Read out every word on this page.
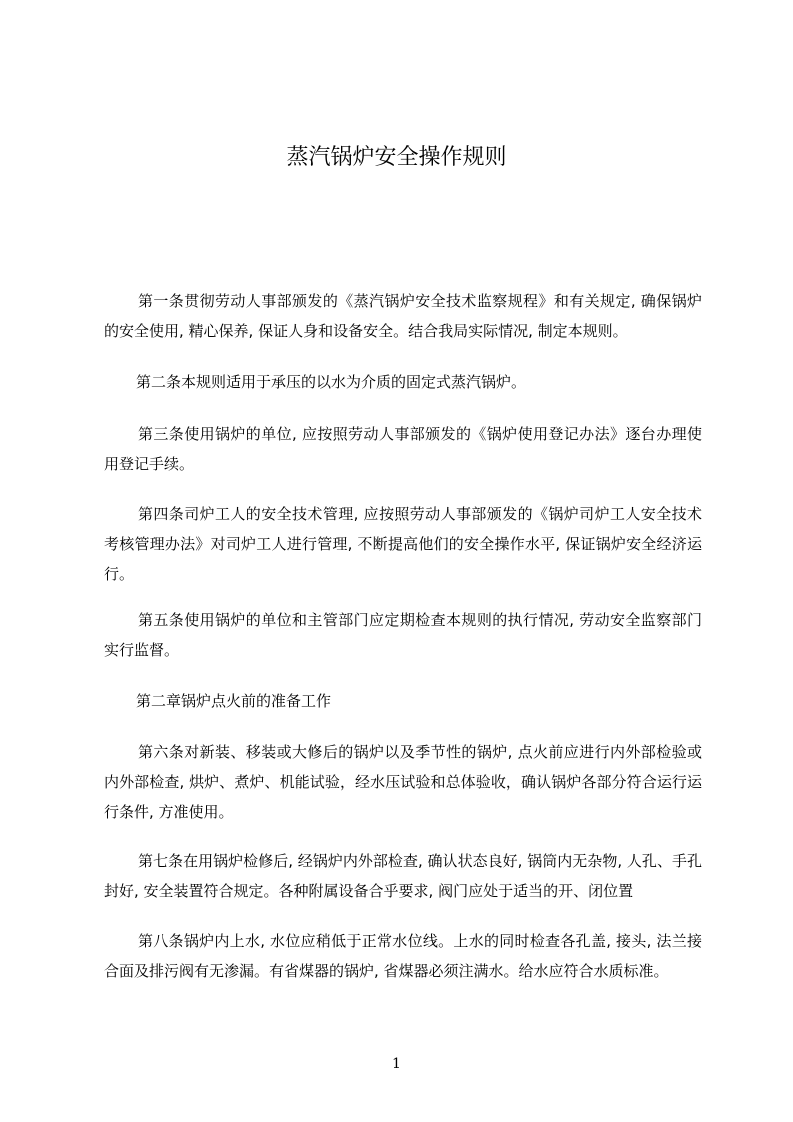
蒸汽锅炉安全操作规则

第一条贯彻劳动人事部颁发的《蒸汽锅炉安全技术监察规程》和有关规定, 确保锅炉的安全使用, 精心保养, 保证人身和设备安全。结合我局实际情况, 制定本规则。

第二条本规则适用于承压的以水为介质的固定式蒸汽锅炉。

第三条使用锅炉的单位, 应按照劳动人事部颁发的《锅炉使用登记办法》逐台办理使用登记手续。

第四条司炉工人的安全技术管理, 应按照劳动人事部颁发的《锅炉司炉工人安全技术考核管理办法》对司炉工人进行管理, 不断提高他们的安全操作水平, 保证锅炉安全经济运行。

第五条使用锅炉的单位和主管部门应定期检查本规则的执行情况, 劳动安全监察部门实行监督。

第二章锅炉点火前的准备工作

第六条对新装、移装或大修后的锅炉以及季节性的锅炉, 点火前应进行内外部检验或内外部检查, 烘炉、煮炉、机能试验，经水压试验和总体验收，确认锅炉各部分符合运行运行条件, 方准使用。

第七条在用锅炉检修后, 经锅炉内外部检查, 确认状态良好, 锅筒内无杂物, 人孔、手孔封好, 安全装置符合规定。各种附属设备合乎要求, 阀门应处于适当的开、闭位置

第八条锅炉内上水, 水位应稍低于正常水位线。上水的同时检查各孔盖, 接头, 法兰接合面及排污阀有无渗漏。有省煤器的锅炉, 省煤器必须注满水。给水应符合水质标准。

1
